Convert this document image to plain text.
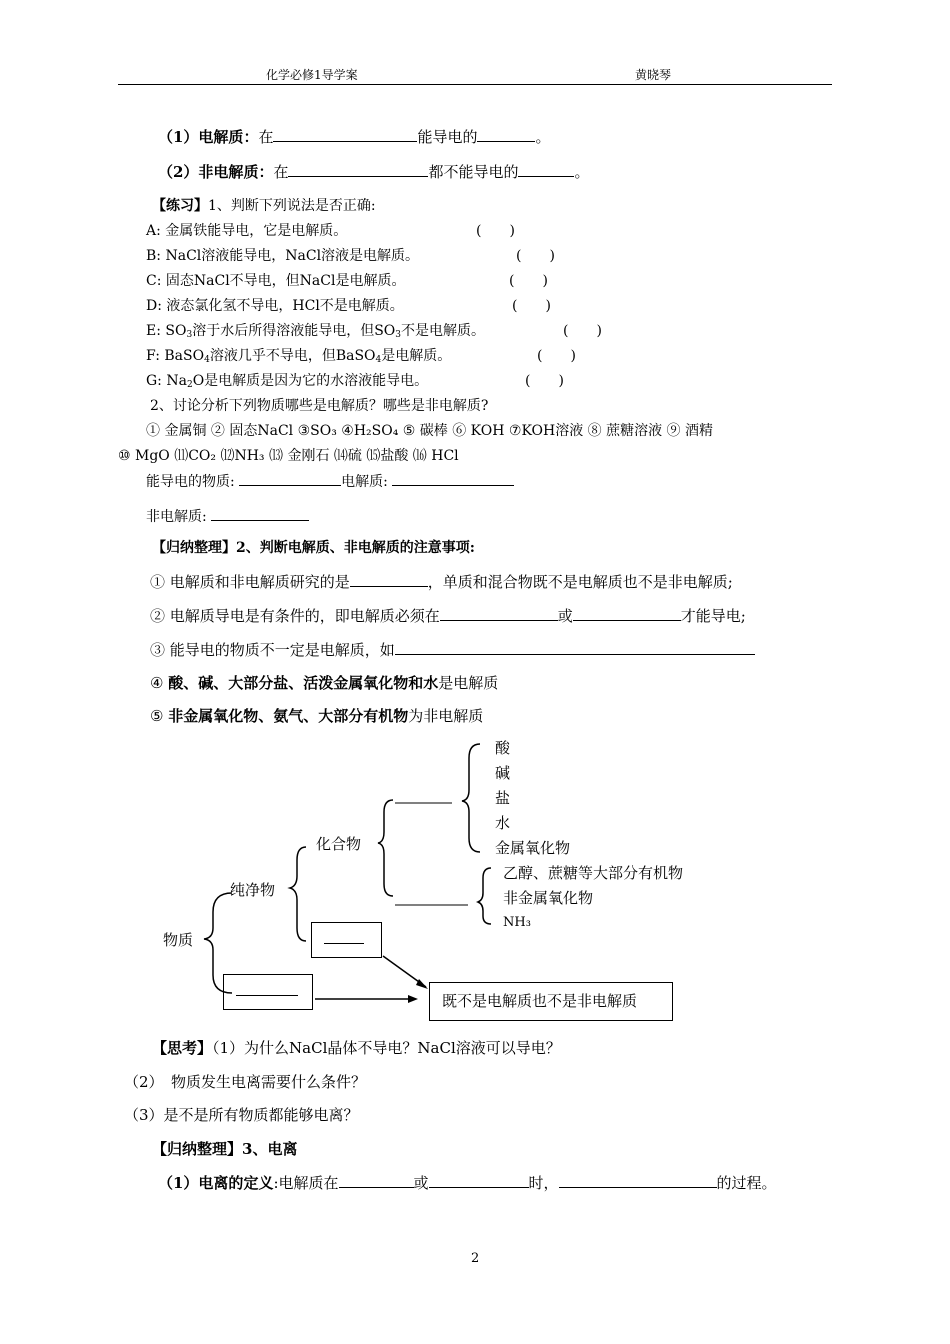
化学必修1导学案	黄晓琴
（1）电解质：在	能导电的	。
（2）非电解质：在	都不能导电的	。
【练习】1、判断下列说法是否正确:
A: 金属铁能导电，它是电解质。	(　　)
B: NaCl溶液能导电，NaCl溶液是电解质。	(　　)
C: 固态NaCl不导电，但NaCl是电解质。	(　　)
D: 液态氯化氢不导电，HCl不是电解质。	(　　)
E: $SO_3$溶于水后所得溶液能导电，但$SO_3$不是电解质。	(　　)
F: BaSO$_4$溶液几乎不导电，但BaSO$_4$是电解质。	(　　)
G: $Na_2O$是电解质是因为它的水溶液能导电。	(　　)
2、讨论分析下列物质哪些是电解质？哪些是非电解质?
① 金属铜 ② 固态NaCl ③SO₃ ④H₂SO₄ ⑤ 碳棒 ⑥ KOH ⑦KOH溶液 ⑧ 蔗糖溶液 ⑨ 酒精
⑩ MgO ⑾CO₂ ⑿NH₃ ⒀ 金刚石 ⒁硫 ⒂盐酸 ⒃ HCl
能导电的物质:	电解质:
非电解质:
【归纳整理】2、判断电解质、非电解质的注意事项:
① 电解质和非电解质研究的是	，单质和混合物既不是电解质也不是非电解质;
② 电解质导电是有条件的，即电解质必须在	或	才能导电;
③ 能导电的物质不一定是电解质，如
④ 酸、碱、大部分盐、活泼金属氧化物和水是电解质
⑤ 非金属氧化物、氨气、大部分有机物为非电解质
物质
纯净物
化合物
酸
碱
盐
水
金属氧化物
乙醇、蔗糖等大部分有机物
非金属氧化物
NH₃
既不是电解质也不是非电解质
【思考】（1）为什么NaCl晶体不导电？NaCl溶液可以导电？
（2）　物质发生电离需要什么条件？
（3）是不是所有物质都能够电离？
【归纳整理】3、电离
（1）电离的定义:电解质在	或	时，	的过程。
2
